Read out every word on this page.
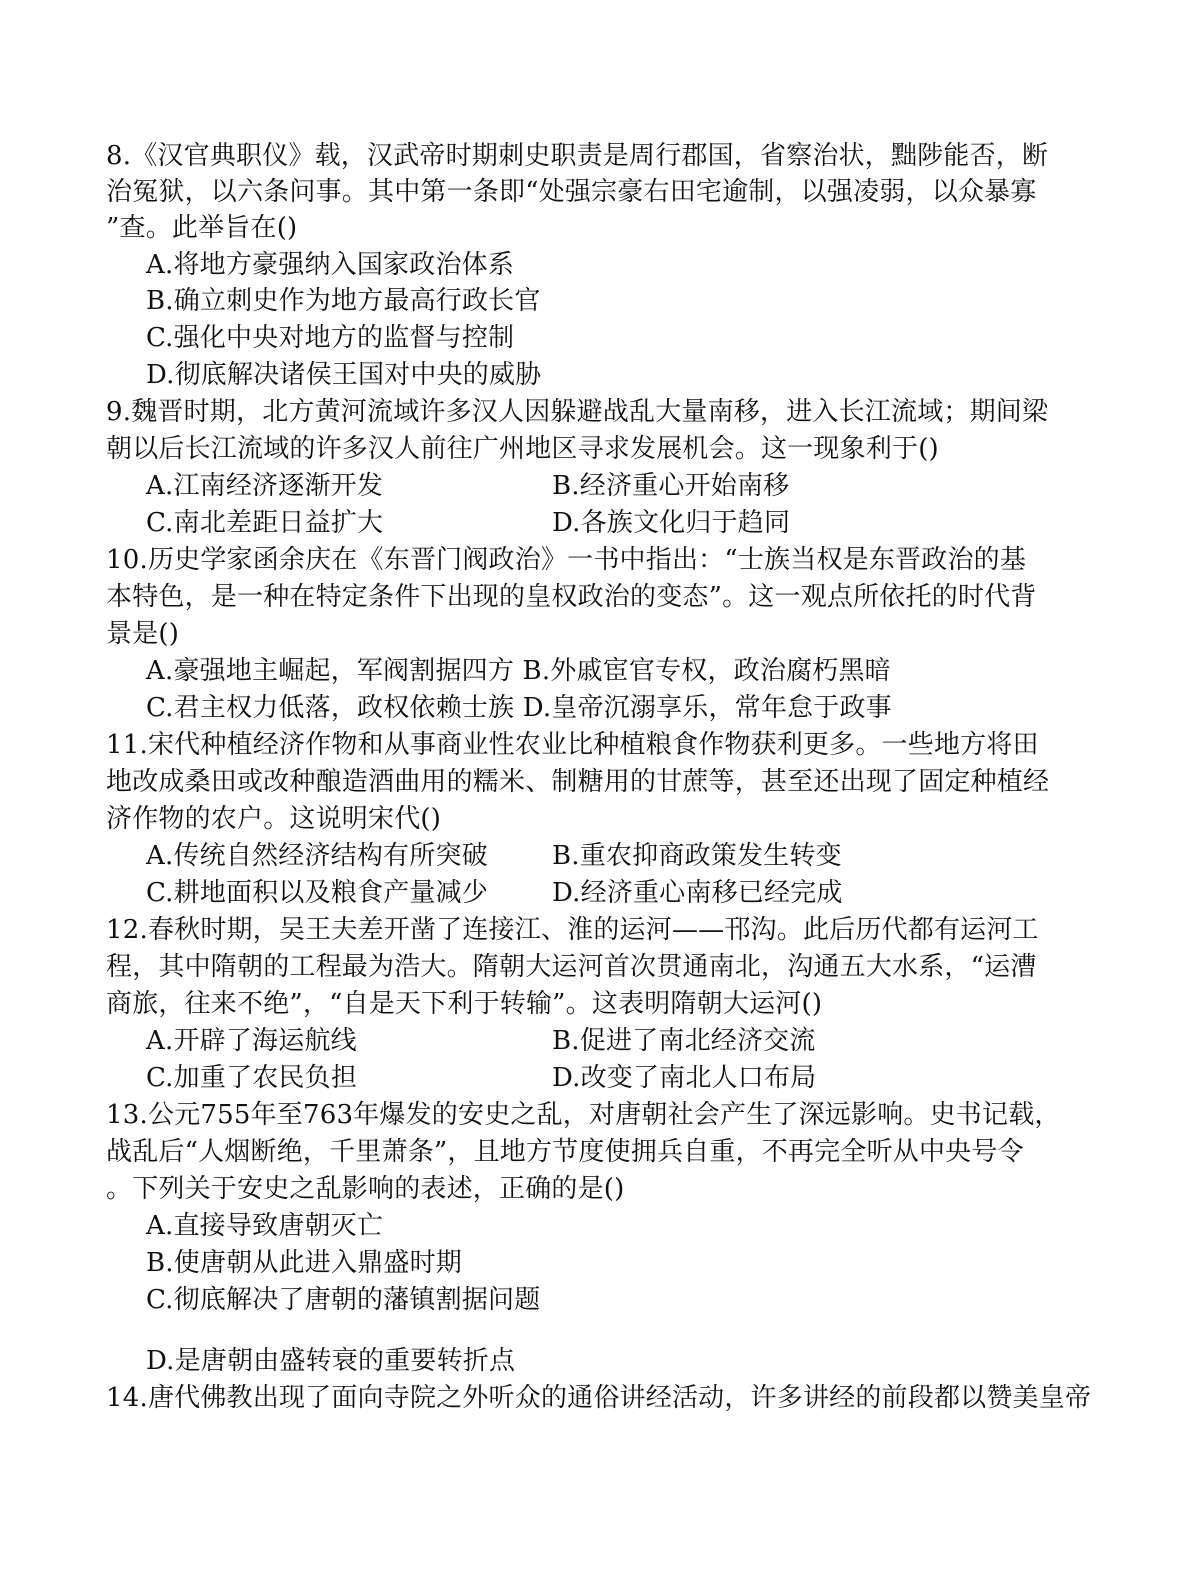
8.《汉官典职仪》载，汉武帝时期刺史职责是周行郡国，省察治状，黜陟能否，断
治冤狱，以六条问事。其中第一条即“处强宗豪右田宅逾制，以强凌弱，以众暴寡
”查。此举旨在()
A.将地方豪强纳入国家政治体系
B.确立刺史作为地方最高行政长官
C.强化中央对地方的监督与控制
D.彻底解决诸侯王国对中央的威胁
9.魏晋时期，北方黄河流域许多汉人因躲避战乱大量南移，进入长江流域；期间梁
朝以后长江流域的许多汉人前往广州地区寻求发展机会。这一现象利于()
A.江南经济逐渐开发	B.经济重心开始南移
C.南北差距日益扩大	D.各族文化归于趋同
10.历史学家函余庆在《东晋门阀政治》一书中指出：“士族当权是东晋政治的基
本特色，是一种在特定条件下出现的皇权政治的变态”。这一观点所依托的时代背
景是()
A.豪强地主崛起，军阀割据四方 B.外戚宦官专权，政治腐朽黑暗
C.君主权力低落，政权依赖士族 D.皇帝沉溺享乐，常年怠于政事
11.宋代种植经济作物和从事商业性农业比种植粮食作物获利更多。一些地方将田
地改成桑田或改种酿造酒曲用的糯米、制糖用的甘蔗等，甚至还出现了固定种植经
济作物的农户。这说明宋代()
A.传统自然经济结构有所突破 B.重农抑商政策发生转变
C.耕地面积以及粮食产量减少 D.经济重心南移已经完成
12.春秋时期，吴王夫差开凿了连接江、淮的运河——邗沟。此后历代都有运河工
程，其中隋朝的工程最为浩大。隋朝大运河首次贯通南北，沟通五大水系，“运漕
商旅，往来不绝”，“自是天下利于转输”。这表明隋朝大运河()
A.开辟了海运航线	B.促进了南北经济交流
C.加重了农民负担	D.改变了南北人口布局
13.公元755年至763年爆发的安史之乱，对唐朝社会产生了深远影响。史书记载，
战乱后“人烟断绝，千里萧条”，且地方节度使拥兵自重，不再完全听从中央号令
。下列关于安史之乱影响的表述，正确的是()
A.直接导致唐朝灭亡
B.使唐朝从此进入鼎盛时期
C.彻底解决了唐朝的藩镇割据问题
D.是唐朝由盛转衰的重要转折点
14.唐代佛教出现了面向寺院之外听众的通俗讲经活动，许多讲经的前段都以赞美皇帝
